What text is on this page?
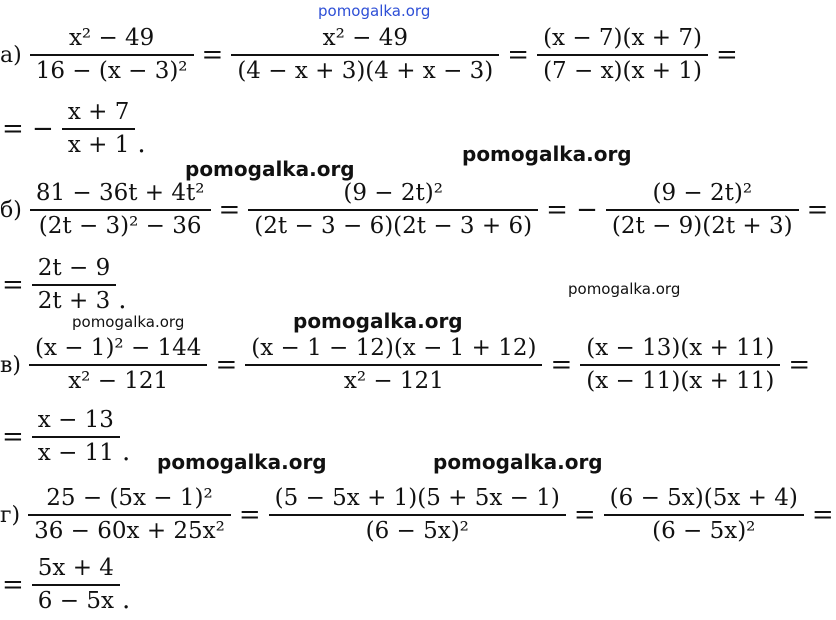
pomogalka.org
$а) \frac{\text{x² − 49}}{\text{16 − (x − 3)²}} = \frac{\text{x² − 49}}{(4 - x + 3)(4 + x - 3)} = \frac{(x - 7)(x + 7)}{(7 - x)(x + 1)}$ =
= − $\frac{x + 7}{x + 1}$ .
pomogalka.org
pomogalka.org
$б) \frac{\text{81 − 36t + 4t²}}{\text{(2t − 3)² − 36}} = \frac{\text{(9 − 2t)²}}{(2t - 3 - 6)(2t - 3 + 6)}$ = − $\frac{\text{(9 − 2t)²}}{(2t - 9)(2t + 3)}$ =
= $\frac{2t - 9}{2t + 3}$ .	pomogalka.org
pomogalka.org	pomogalka.org
$в) \frac{\text{(x − 1)² − 144}}{\text{x² − 121}} = \frac{(x - 1 - 12)(x - 1 + 12)}{\text{x² − 121}} = \frac{(x - 13)(x + 11)}{(x - 11)(x + 11)}$ =
= $\frac{x - 13}{x - 11}$ . pomogalka.org	pomogalka.org
$г) \frac{\text{25 − (5x − 1)²}}{\text{36 − 60x + 25x²}} = \frac{(5 - 5x + 1)(5 + 5x - 1)}{\text{(6 − 5x)²}} = \frac{(6 - 5x)(5x + 4)}{\text{(6 − 5x)²}}$ =
= $\frac{5x + 4}{6 - 5x}$ .
